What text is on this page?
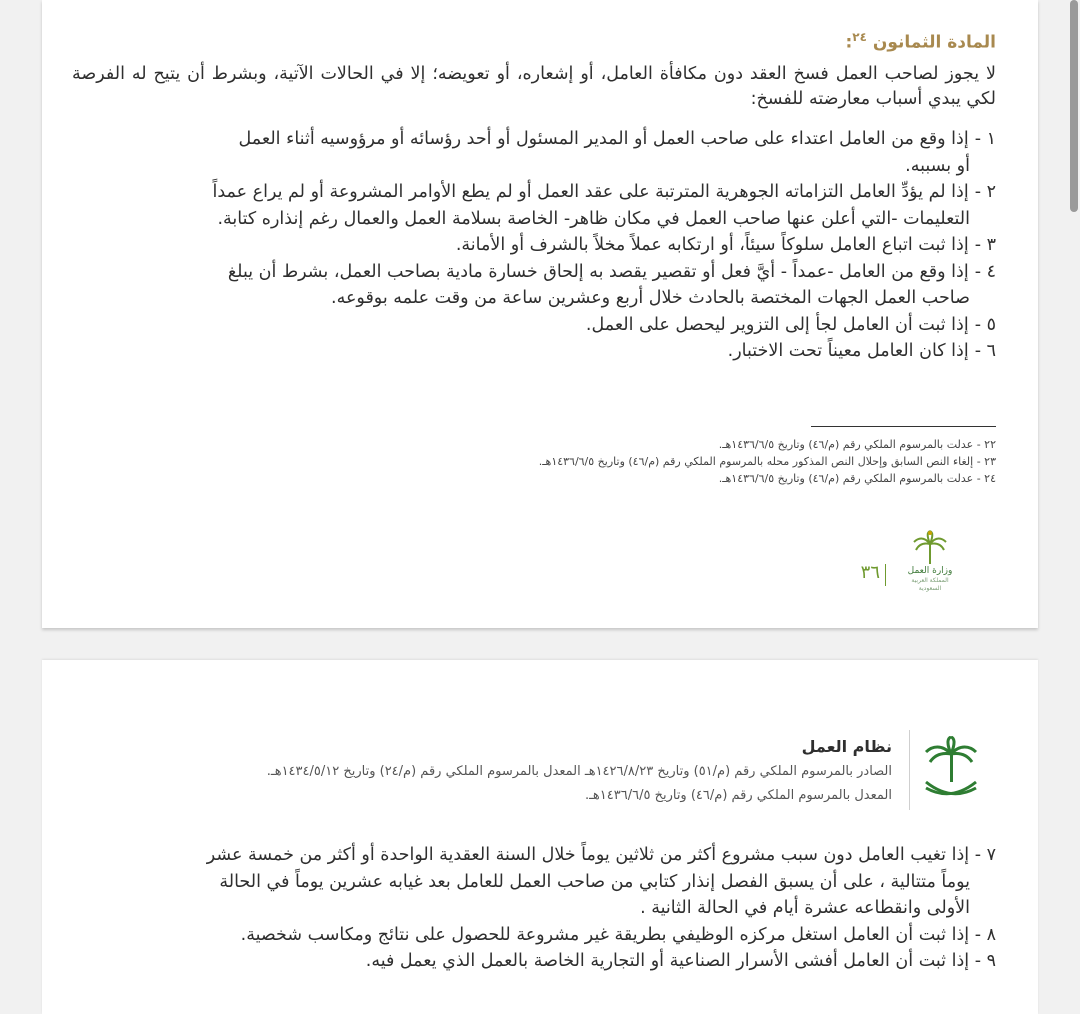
المادة الثمانون $^{٢٤}$:

لا يجوز لصاحب العمل فسخ العقد دون مكافأة العامل، أو إشعاره، أو تعويضه؛ إلا في الحالات الآتية، وبشرط أن يتيح له الفرصة لكي يبدي أسباب معارضته للفسخ:

١ -إذا وقع من العامل اعتداء على صاحب العمل أو المدير المسئول أو أحد رؤسائه أو مرؤوسيه أثناء العمل
أو بسببه.
٢ -إذا لم يؤدِّ العامل التزاماته الجوهرية المترتبة على عقد العمل أو لم يطع الأوامر المشروعة أو لم يراع عمداً
التعليمات -التي أعلن عنها صاحب العمل في مكان ظاهر- الخاصة بسلامة العمل والعمال رغم إنذاره كتابة.
٣ -إذا ثبت اتباع العامل سلوكاً سيئاً، أو ارتكابه عملاً مخلاً بالشرف أو الأمانة.
٤ -إذا وقع من العامل -عمداً - أيَّ فعل أو تقصير يقصد به إلحاق خسارة مادية بصاحب العمل، بشرط أن يبلغ
صاحب العمل الجهات المختصة بالحادث خلال أربع وعشرين ساعة من وقت علمه بوقوعه.
٥ -إذا ثبت أن العامل لجأ إلى التزوير ليحصل على العمل.
٦ -إذا كان العامل معيناً تحت الاختبار.
٢٢ - عدلت بالمرسوم الملكي رقم (م/٤٦) وتاريخ ١٤٣٦/٦/٥هـ.
٢٣ - إلغاء النص السابق وإحلال النص المذكور محله بالمرسوم الملكي رقم (م/٤٦) وتاريخ ١٤٣٦/٦/٥هـ.
٢٤ - عدلت بالمرسوم الملكي رقم (م/٤٦) وتاريخ ١٤٣٦/٦/٥هـ.
وزارة العمل
المملكة العربية السعودية
٣٦
نظام العمل
الصادر بالمرسوم الملكي رقم (م/٥١) وتاريخ ١٤٢٦/٨/٢٣هـ المعدل بالمرسوم الملكي رقم (م/٢٤) وتاريخ ١٤٣٤/٥/١٢هـ.
المعدل بالمرسوم الملكي رقم (م/٤٦) وتاريخ ١٤٣٦/٦/٥هـ.
٧ - إذا تغيب العامل دون سبب مشروع أكثر من ثلاثين يوماً خلال السنة العقدية الواحدة أو أكثر من خمسة عشر
يوماً متتالية ، على أن يسبق الفصل إنذار كتابي من صاحب العمل للعامل بعد غيابه عشرين يوماً في الحالة
الأولى وانقطاعه عشرة أيام في الحالة الثانية .
٨ - إذا ثبت أن العامل استغل مركزه الوظيفي بطريقة غير مشروعة للحصول على نتائج ومكاسب شخصية.
٩ - إذا ثبت أن العامل أفشى الأسرار الصناعية أو التجارية الخاصة بالعمل الذي يعمل فيه.
